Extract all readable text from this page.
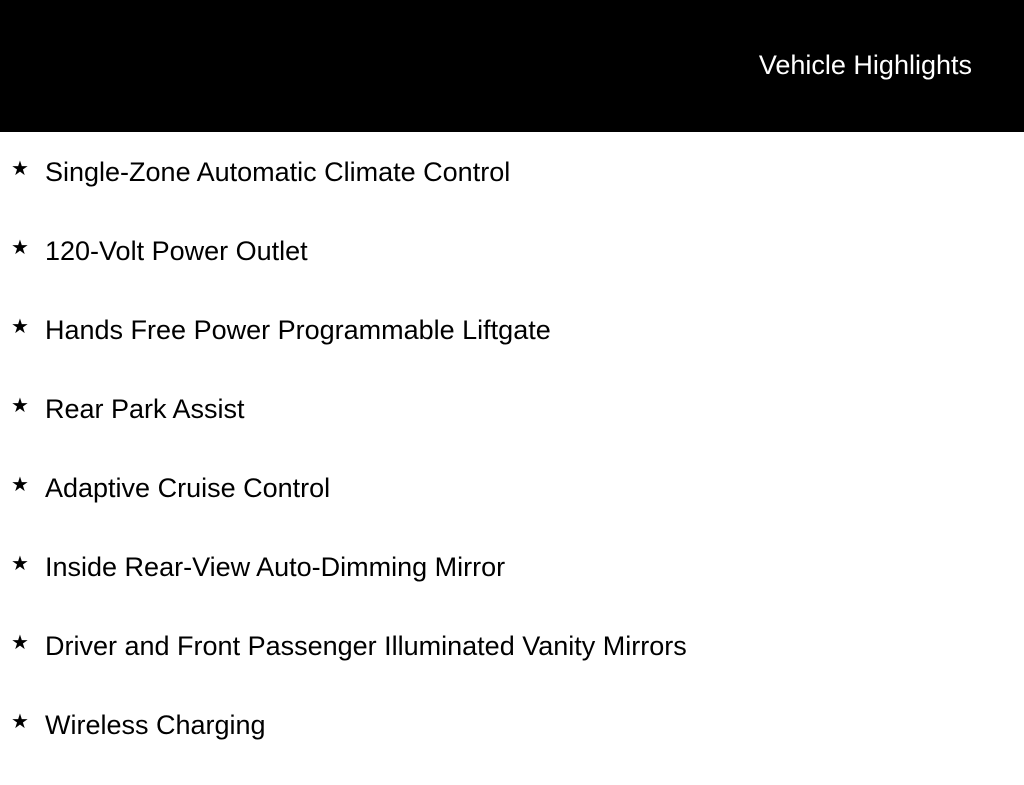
Vehicle Highlights
★ Single-Zone Automatic Climate Control
★ 120-Volt Power Outlet
★ Hands Free Power Programmable Liftgate
★ Rear Park Assist
★ Adaptive Cruise Control
★ Inside Rear-View Auto-Dimming Mirror
★ Driver and Front Passenger Illuminated Vanity Mirrors
★ Wireless Charging
